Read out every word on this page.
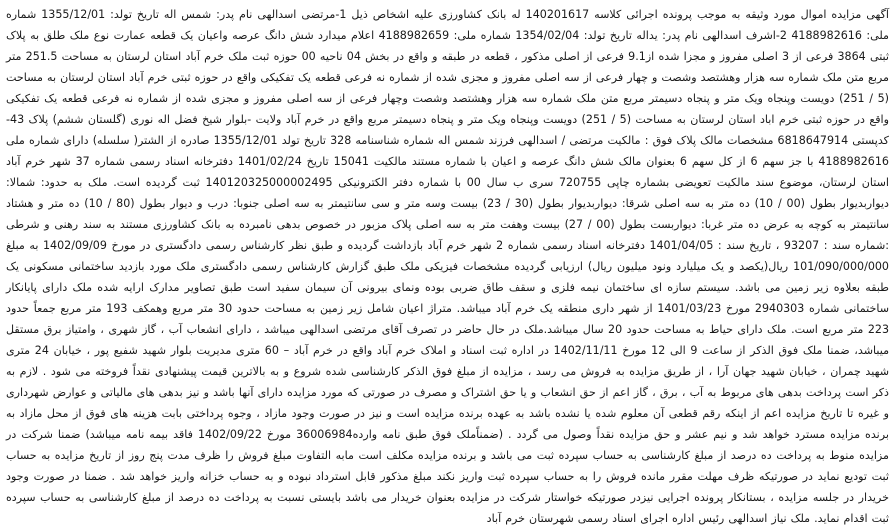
آگهی مزایده اموال مورد وثیقه به موجب پرونده اجرائی کلاسه 140201617 له بانک کشاورزی علیه اشخاص ذیل 1-مرتضی اسدالهی نام پدر: شمس اله تاریخ تولد: 1355/12/01 شماره ملی: 4188982616 2-اشرف اسدالهی نام پدر: یداله تاریخ تولد: 1354/02/04 شماره ملی: 4188982659 اعلام میدارد شش دانگ عرصه واعیان یک قطعه عمارت نوع ملک طلق به پلاک ثبتی 3864 فرعی از 3 اصلی مفروز و مجزا شده از9.1 فرعی از اصلی مذکور ، قطعه در طبقه و واقع در بخش 04 ناحیه 00 حوزه ثبت ملک خرم آباد استان لرستان به مساحت 251.5 متر مربع متن ملک شماره سه هزار وهشتصد وشصت و چهار فرعی از سه اصلی مفروز و مجزی شده از شماره نه فرعی قطعه یک تفکیکی واقع در حوزه ثبتی خرم آباد استان لرستان به مساحت (5 / 251) دویست وپنجاه ویک متر و پنجاه دسیمتر مربع متن ملک شماره سه هزار وهشتصد وشصت وچهار فرعی از سه اصلی مفروز و مجزی شده از شماره نه فرعی قطعه یک تفکیکی واقع در حوزه ثبتی خرم اباد استان لرستان به مساحت (5 / 251) دویست وپنجاه ویک متر و پنجاه دسیمتر مربع واقع در خرم آباد ولایت -بلوار شیخ فضل اله نوری (گلستان ششم) پلاک 43-کدپستی 6818647914 مشخصات مالک پلاک فوق : مالکیت مرتضی / اسدالهی فرزند شمس اله شماره شناسنامه 328 تاریخ تولد 1355/12/01 صادره از الشتر( سلسله) دارای شماره ملی 4188982616 با جز سهم 6 از کل سهم 6 بعنوان مالک شش دانگ عرصه و اعیان با شماره مستند مالکیت 15041 تاریخ 1401/02/24 دفترخانه اسناد رسمی شماره 37 شهر خرم آباد استان لرستان، موضوع سند مالکیت تعویضی بشماره چاپی 720755 سری ب سال 00 با شماره دفتر الکترونیکی 140120325000002495 ثبت گردیده است. ملک به حدود: شمالا: دیواربدیوار بطول (00 / 10) ده متر به سه اصلی شرقا: دیواربدیوار بطول (30 / 23) بیست وسه متر و سی سانتیمتر به سه اصلی جنوبا: درب و دیوار بطول (80 / 10) ده متر و هشتاد سانتیمتر به کوچه به عرض ده متر غربا: دیواربست بطول (00 / 27) بیست وهفت متر به سه اصلی پلاک مزبور در خصوص بدهی نامبرده به بانک کشاورزی مستند به سند رهنی و شرطی :شماره سند : 93207 ، تاریخ سند : 1401/04/05 دفترخانه اسناد رسمی شماره 2 شهر خرم آباد بازداشت گردیده و طبق نظر کارشناس رسمی دادگستری در مورخ 1402/09/09 به مبلغ 101/090/000/000 ریال(یکصد و یک میلیارد ونود میلیون ریال) ارزیابی گردیده مشخصات فیزیکی ملک طبق گزارش کارشناس رسمی دادگستری ملک مورد بازدید ساختمانی مسکونی یک طبقه بعلاوه زیر زمین می باشد. سیستم سازه ای ساختمان نیمه فلزی و سقف طاق ضربی بوده ونمای بیرونی آن سیمان سفید است طبق تصاویر مدارک ارایه شده ملک دارای پایانکار ساختمانی شماره 2940303 مورخ 1401/03/23 از شهر داری منطقه یک خرم آباد میباشد. متراژ اعیان شامل زیر زمین به مساحت حدود 30 متر مربع وهمکف 193 متر مربع جمعاً حدود 223 متر مربع است. ملک دارای حیاط به مساحت حدود 20 سال میباشد.ملک در حال حاضر در تصرف آقای مرتضی اسدالهی میباشد ، دارای انشعاب آب ، گاز شهری ، وامتیاز برق مستقل میباشد، ضمنا ملک فوق الذکر از ساعت 9 الی 12 مورخ 1402/11/11 در اداره ثبت اسناد و املاک خرم آباد واقع در خرم آباد – 60 متری مدیریت بلوار شهید شفیع پور ، خیابان 24 متری شهید چمران ، خیابان شهید جهان آرا ، از طریق مزایده به فروش می رسد ، مزایده از مبلغ فوق الذکر کارشناسی شده شروع و به بالاترین قیمت پیشنهادی نقداً فروخته می شود . لازم به ذکر است پرداخت بدهی های مربوط به آب ، برق ، گاز اعم از حق انشعاب و یا حق اشتراک و مصرف در صورتی که مورد مزایده دارای آنها باشد و نیز بدهی های مالیاتی و عوارض شهرداری و غیره تا تاریخ مزایده اعم از اینکه رقم قطعی آن معلوم شده یا نشده باشد به عهده برنده مزایده است و نیز در صورت وجود مازاد ، وجوه پرداختی بابت هزینه های فوق از محل مازاد به برنده مزایده مسترد خواهد شد و نیم عشر و حق مزایده نقداً وصول می گردد . (ضمناًملک فوق طبق نامه وارده36006984 مورخ 1402/09/22 فاقد بیمه نامه میباشد) ضمنا شرکت در مزایده منوط به پرداخت ده درصد از مبلغ کارشناسی به حساب سپرده ثبت می باشد و برنده مزایده مکلف است مابه التفاوت مبلغ فروش را ظرف مدت پنج روز از تاریخ مزایده به حساب ثبت تودیع نماید در صورتیکه ظرف مهلت مقرر مانده فروش را به حساب سپرده ثبت واریز نکند مبلغ مذکور قابل استرداد نبوده و به حساب خزانه واریز خواهد شد . ضمنا در صورت وجود خریدار در جلسه مزایده ، بستانکار پرونده اجرایی نیزدر صورتیکه خواستار شرکت در مزایده بعنوان خریدار می باشد بایستی نسبت به پرداخت ده درصد از مبلغ کارشناسی به حساب سپرده ثبت اقدام نماید. ملک نیاز اسدالهی رئیس اداره اجرای اسناد رسمی شهرستان خرم آباد
